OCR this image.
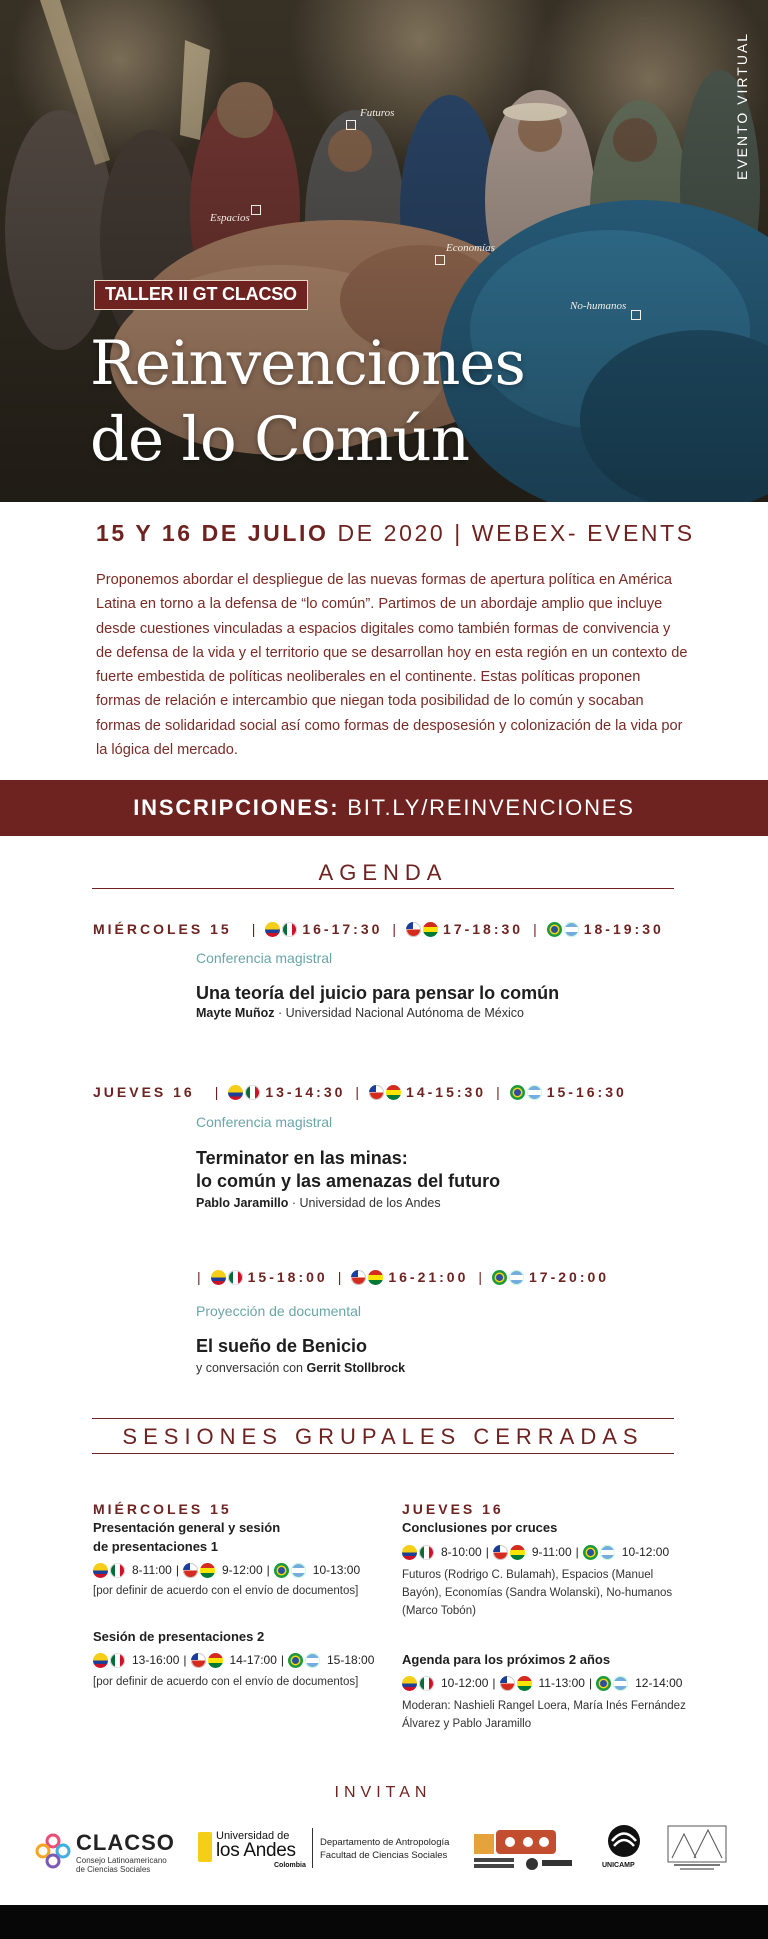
Futuros
Espacios
Economías
No-humanos
EVENTO VIRTUAL
TALLER II GT CLACSO
Reinvenciones
de lo Común
15 Y 16 DE JULIO DE 2020 | WEBEX- EVENTS

Proponemos abordar el despliegue de las nuevas formas de apertura política en América Latina en torno a la defensa de “lo común”. Partimos de un abordaje amplio que incluye desde cuestiones vinculadas a espacios digitales como también formas de convivencia y de defensa de la vida y el territorio que se desarrollan hoy en esta región en un contexto de fuerte embestida de políticas neoliberales en el continente. Estas políticas proponen formas de relación e intercambio que niegan toda posibilidad de lo común y socaban formas de solidaridad social así como formas de desposesión y colonización de la vida por la lógica del mercado.

INSCRIPCIONES: BIT.LY/REINVENCIONES
AGENDA
MIÉRCOLES 15 |	16-17:30 |	17-18:30 |	18-19:30
Conferencia magistral
Una teoría del juicio para pensar lo común
Mayte Muñoz · Universidad Nacional Autónoma de México
JUEVES 16 |	13-14:30 |	14-15:30 |	15-16:30
Conferencia magistral
Terminator en las minas:
lo común y las amenazas del futuro
Pablo Jaramillo · Universidad de los Andes
|	15-18:00 |	16-21:00 |	17-20:00
Proyección de documental
El sueño de Benicio
y conversación con Gerrit Stollbrock
SESIONES GRUPALES CERRADAS
MIÉRCOLES 15
Presentación general y sesión
de presentaciones 1
8-11:00 |	9-12:00 |	10-13:00
[por definir de acuerdo con el envío de documentos]
Sesión de presentaciones 2
13-16:00 |	14-17:00 |	15-18:00
[por definir de acuerdo con el envío de documentos]
JUEVES 16
Conclusiones por cruces
8-10:00 |	9-11:00 |	10-12:00
Futuros (Rodrigo C. Bulamah), Espacios (Manuel Bayón), Economías (Sandra Wolanski), No-humanos (Marco Tobón)
Agenda para los próximos 2 años
10-12:00 |	11-13:00 |	12-14:00
Moderan: Nashieli Rangel Loera, María Inés Fernández Álvarez y Pablo Jaramillo
INVITAN
CLACSO
Consejo Latinoamericano
de Ciencias Sociales
Universidad de
los Andes
Colombia
Departamento de Antropología
Facultad de Ciencias Sociales
UNICAMP
